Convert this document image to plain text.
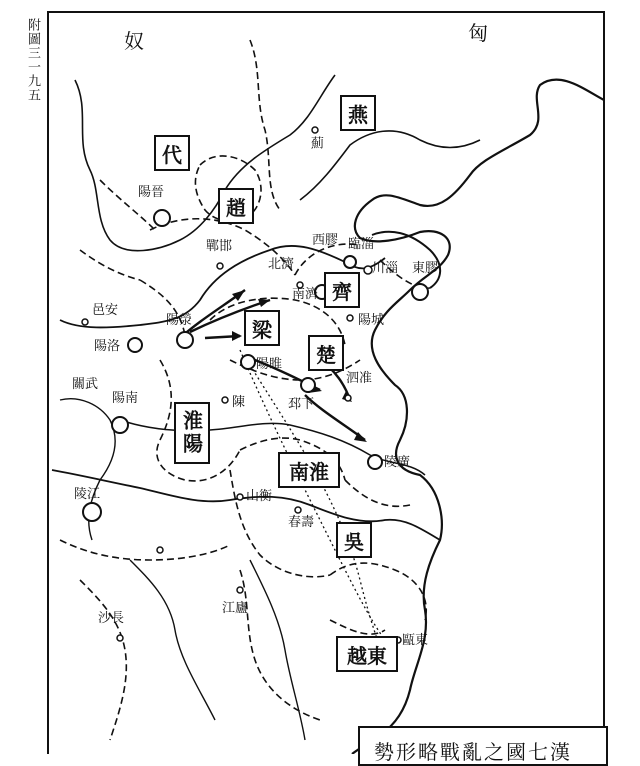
附圖三一九五	奴	匈
燕
代
趙
齊
梁
楚
淮陽
南淮
吳
越東
薊
陽晉
鄲邯	西膠 臨淄
川淄 東膠
北濟
南濟
陽城
邑安
陽滎
陽洛
陽睢
泗准
邳下
關武
陽南	陳
陵廣
陵江	山衡
春壽
沙長
江廬
甌東
勢形略戰亂之國七漢
